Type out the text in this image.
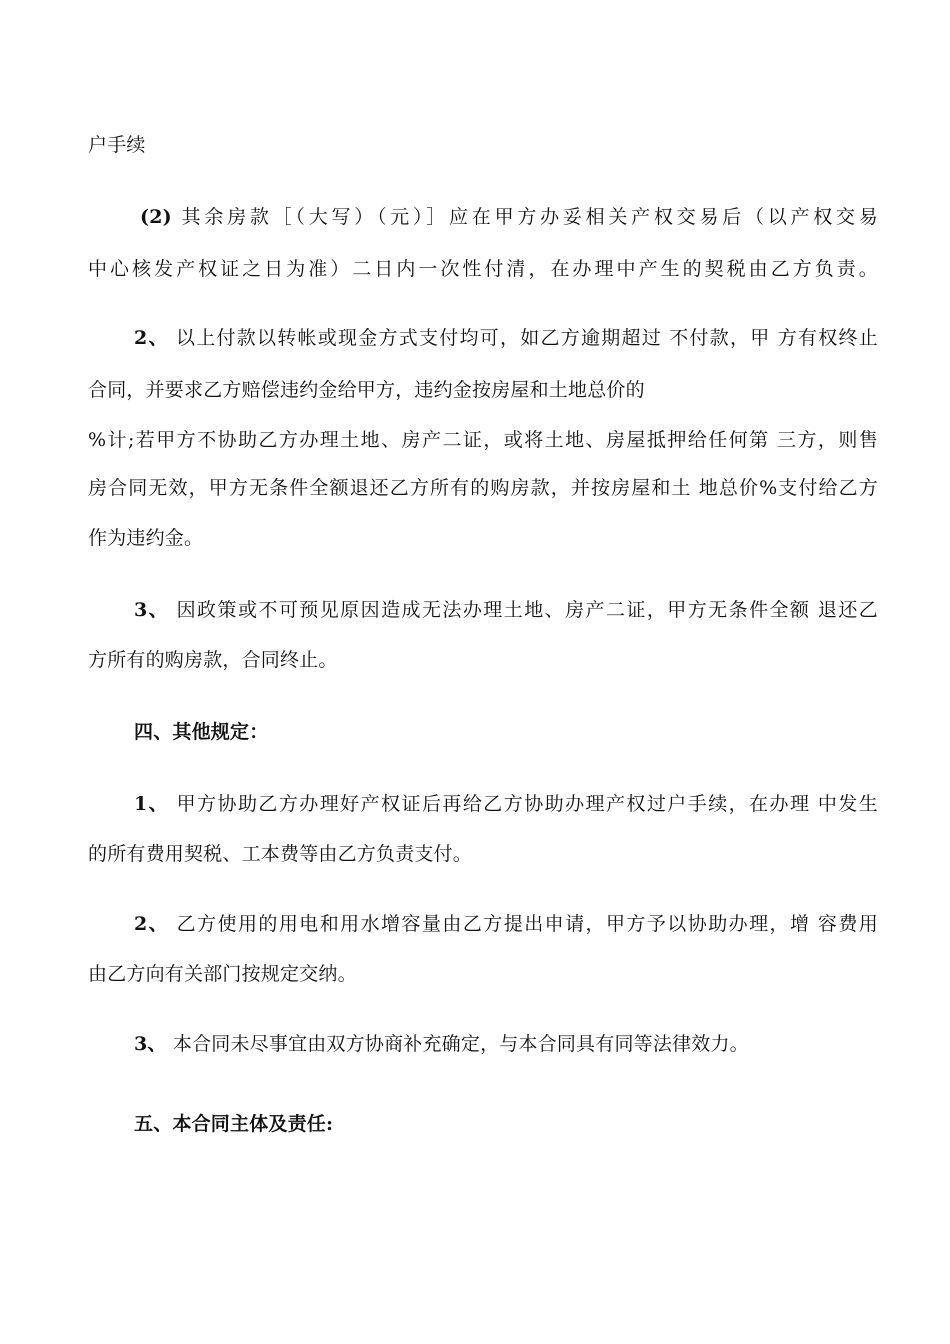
户手续
(2) 其余房款［（大写）（元）］应在甲方办妥相关产权交易后（以产权交易
中心核发产权证之日为准）二日内一次性付清，在办理中产生的契税由乙方负责。
2、 以上付款以转帐或现金方式支付均可，如乙方逾期超过 不付款，甲 方有权终止
合同，并要求乙方赔偿违约金给甲方，违约金按房屋和土地总价的
%计;若甲方不协助乙方办理土地、房产二证，或将土地、房屋抵押给任何第 三方，则售
房合同无效，甲方无条件全额退还乙方所有的购房款，并按房屋和土 地总价%支付给乙方
作为违约金。
3、 因政策或不可预见原因造成无法办理土地、房产二证，甲方无条件全额 退还乙
方所有的购房款，合同终止。
四、其他规定：
1、 甲方协助乙方办理好产权证后再给乙方协助办理产权过户手续，在办理 中发生
的所有费用契税、工本费等由乙方负责支付。
2、 乙方使用的用电和用水增容量由乙方提出申请，甲方予以协助办理，增 容费用
由乙方向有关部门按规定交纳。
3、 本合同未尽事宜由双方协商补充确定，与本合同具有同等法律效力。
五、本合同主体及责任:
